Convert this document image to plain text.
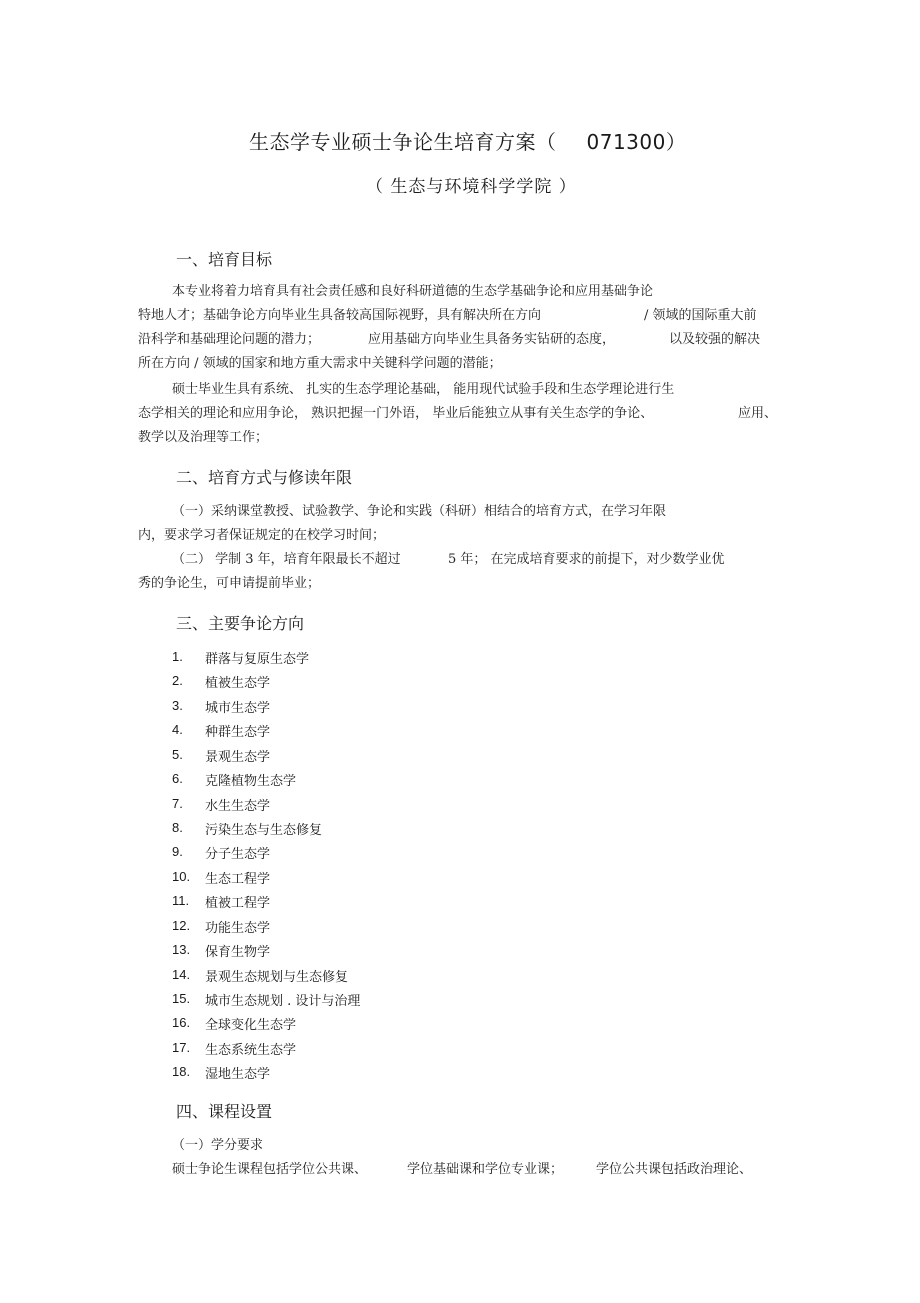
生态学专业硕士争论生培育方案（ 071300）
（ 生态与环境科学学院 ）
一、培育目标
本专业将着力培育具有社会责任感和良好科研道德的生态学基础争论和应用基础争论
特地人才；基础争论方向毕业生具备较高国际视野，具有解决所在方向	/ 领域的国际重大前
沿科学和基础理论问题的潜力；	应用基础方向毕业生具备务实钻研的态度，	以及较强的解决
所在方向 / 领域的国家和地方重大需求中关键科学问题的潜能；
硕士毕业生具有系统、 扎实的生态学理论基础， 能用现代试验手段和生态学理论进行生
态学相关的理论和应用争论， 熟识把握一门外语， 毕业后能独立从事有关生态学的争论、	应用、
教学以及治理等工作；
二、培育方式与修读年限
（一）采纳课堂教授、试验教学、争论和实践（科研）相结合的培育方式，在学习年限
内，要求学习者保证规定的在校学习时间；
（二） 学制 3 年，培育年限最长不超过	5 年； 在完成培育要求的前提下，对少数学业优
秀的争论生，可申请提前毕业；
三、主要争论方向
1. 群落与复原生态学
2. 植被生态学
3. 城市生态学
4. 种群生态学
5. 景观生态学
6. 克隆植物生态学
7. 水生生态学
8. 污染生态与生态修复
9. 分子生态学
10. 生态工程学
11. 植被工程学
12. 功能生态学
13. 保育生物学
14. 景观生态规划与生态修复
15. 城市生态规划 . 设计与治理
16. 全球变化生态学
17. 生态系统生态学
18. 湿地生态学
四、课程设置
（一）学分要求
硕士争论生课程包括学位公共课、	学位基础课和学位专业课；	学位公共课包括政治理论、
